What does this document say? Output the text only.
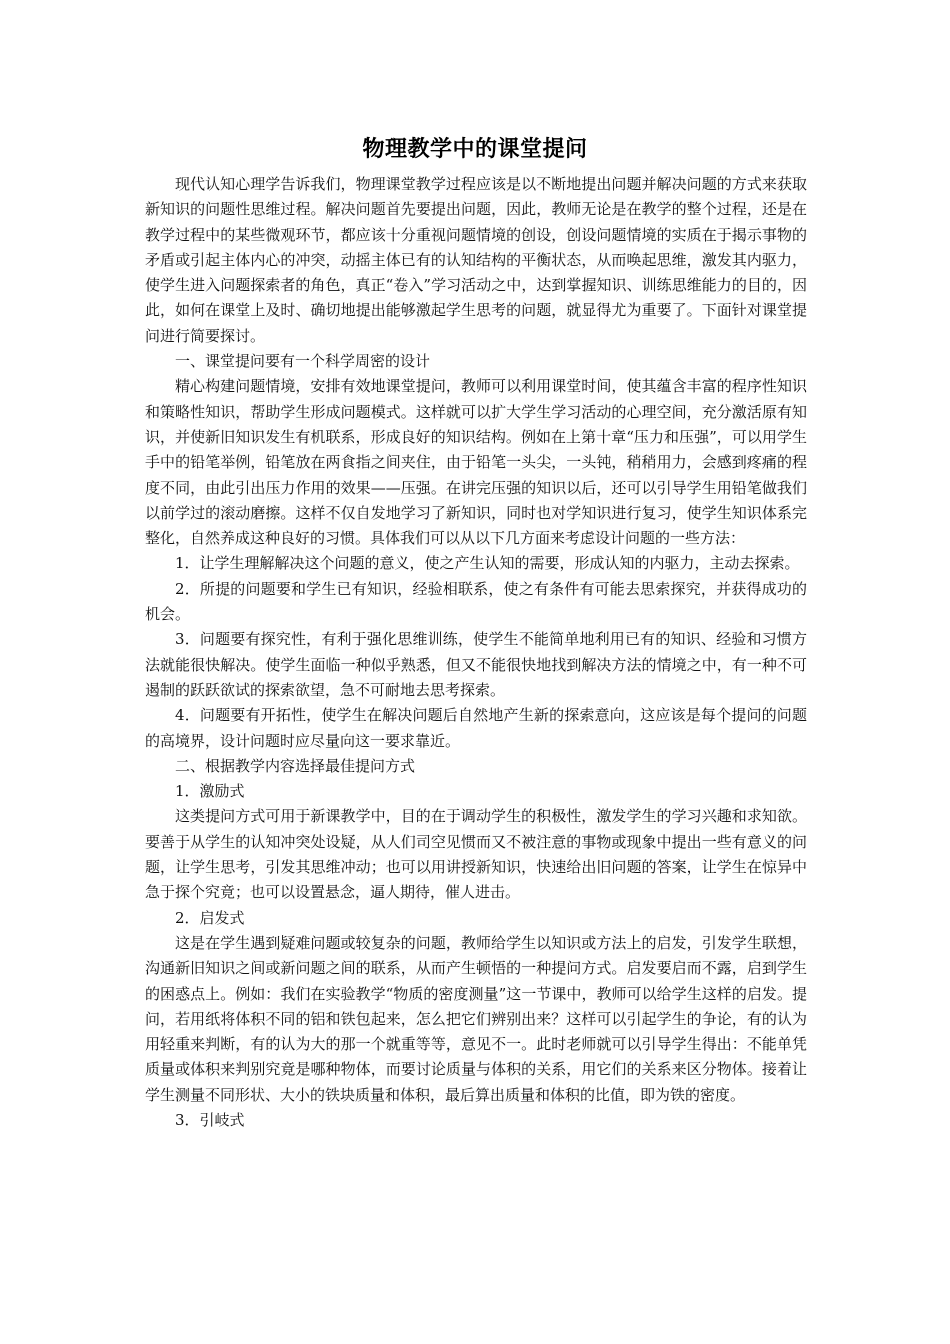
物理教学中的课堂提问

现代认知心理学告诉我们，物理课堂教学过程应该是以不断地提出问题并解决问题的方式来获取新知识的问题性思维过程。解决问题首先要提出问题，因此，教师无论是在教学的整个过程，还是在教学过程中的某些微观环节，都应该十分重视问题情境的创设，创设问题情境的实质在于揭示事物的矛盾或引起主体内心的冲突，动摇主体已有的认知结构的平衡状态，从而唤起思维，激发其内驱力，使学生进入问题探索者的角色，真正“卷入”学习活动之中，达到掌握知识、训练思维能力的目的，因此，如何在课堂上及时、确切地提出能够激起学生思考的问题，就显得尤为重要了。下面针对课堂提问进行简要探讨。

一、课堂提问要有一个科学周密的设计

精心构建问题情境，安排有效地课堂提问，教师可以利用课堂时间，使其蕴含丰富的程序性知识和策略性知识，帮助学生形成问题模式。这样就可以扩大学生学习活动的心理空间，充分激活原有知识，并使新旧知识发生有机联系，形成良好的知识结构。例如在上第十章“压力和压强”，可以用学生手中的铅笔举例，铅笔放在两食指之间夹住，由于铅笔一头尖，一头钝，稍稍用力，会感到疼痛的程度不同，由此引出压力作用的效果——压强。在讲完压强的知识以后，还可以引导学生用铅笔做我们以前学过的滚动磨擦。这样不仅自发地学习了新知识，同时也对学知识进行复习，使学生知识体系完整化，自然养成这种良好的习惯。具体我们可以从以下几方面来考虑设计问题的一些方法：

1．让学生理解解决这个问题的意义，使之产生认知的需要，形成认知的内驱力，主动去探索。

2．所提的问题要和学生已有知识，经验相联系，使之有条件有可能去思索探究，并获得成功的机会。

3．问题要有探究性，有利于强化思维训练，使学生不能简单地利用已有的知识、经验和习惯方法就能很快解决。使学生面临一种似乎熟悉，但又不能很快地找到解决方法的情境之中，有一种不可遏制的跃跃欲试的探索欲望，急不可耐地去思考探索。

4．问题要有开拓性，使学生在解决问题后自然地产生新的探索意向，这应该是每个提问的问题的高境界，设计问题时应尽量向这一要求靠近。

二、根据教学内容选择最佳提问方式

1．激励式

这类提问方式可用于新课教学中，目的在于调动学生的积极性，激发学生的学习兴趣和求知欲。要善于从学生的认知冲突处设疑，从人们司空见惯而又不被注意的事物或现象中提出一些有意义的问题，让学生思考，引发其思维冲动；也可以用讲授新知识，快速给出旧问题的答案，让学生在惊异中急于探个究竟；也可以设置悬念，逼人期待，催人进击。

2．启发式

这是在学生遇到疑难问题或较复杂的问题，教师给学生以知识或方法上的启发，引发学生联想，沟通新旧知识之间或新问题之间的联系，从而产生顿悟的一种提问方式。启发要启而不露，启到学生的困惑点上。例如：我们在实验教学“物质的密度测量”这一节课中，教师可以给学生这样的启发。提问，若用纸将体积不同的铝和铁包起来，怎么把它们辨别出来？这样可以引起学生的争论，有的认为用轻重来判断，有的认为大的那一个就重等等，意见不一。此时老师就可以引导学生得出：不能单凭质量或体积来判别究竟是哪种物体，而要讨论质量与体积的关系，用它们的关系来区分物体。接着让学生测量不同形状、大小的铁块质量和体积，最后算出质量和体积的比值，即为铁的密度。

3．引岐式
